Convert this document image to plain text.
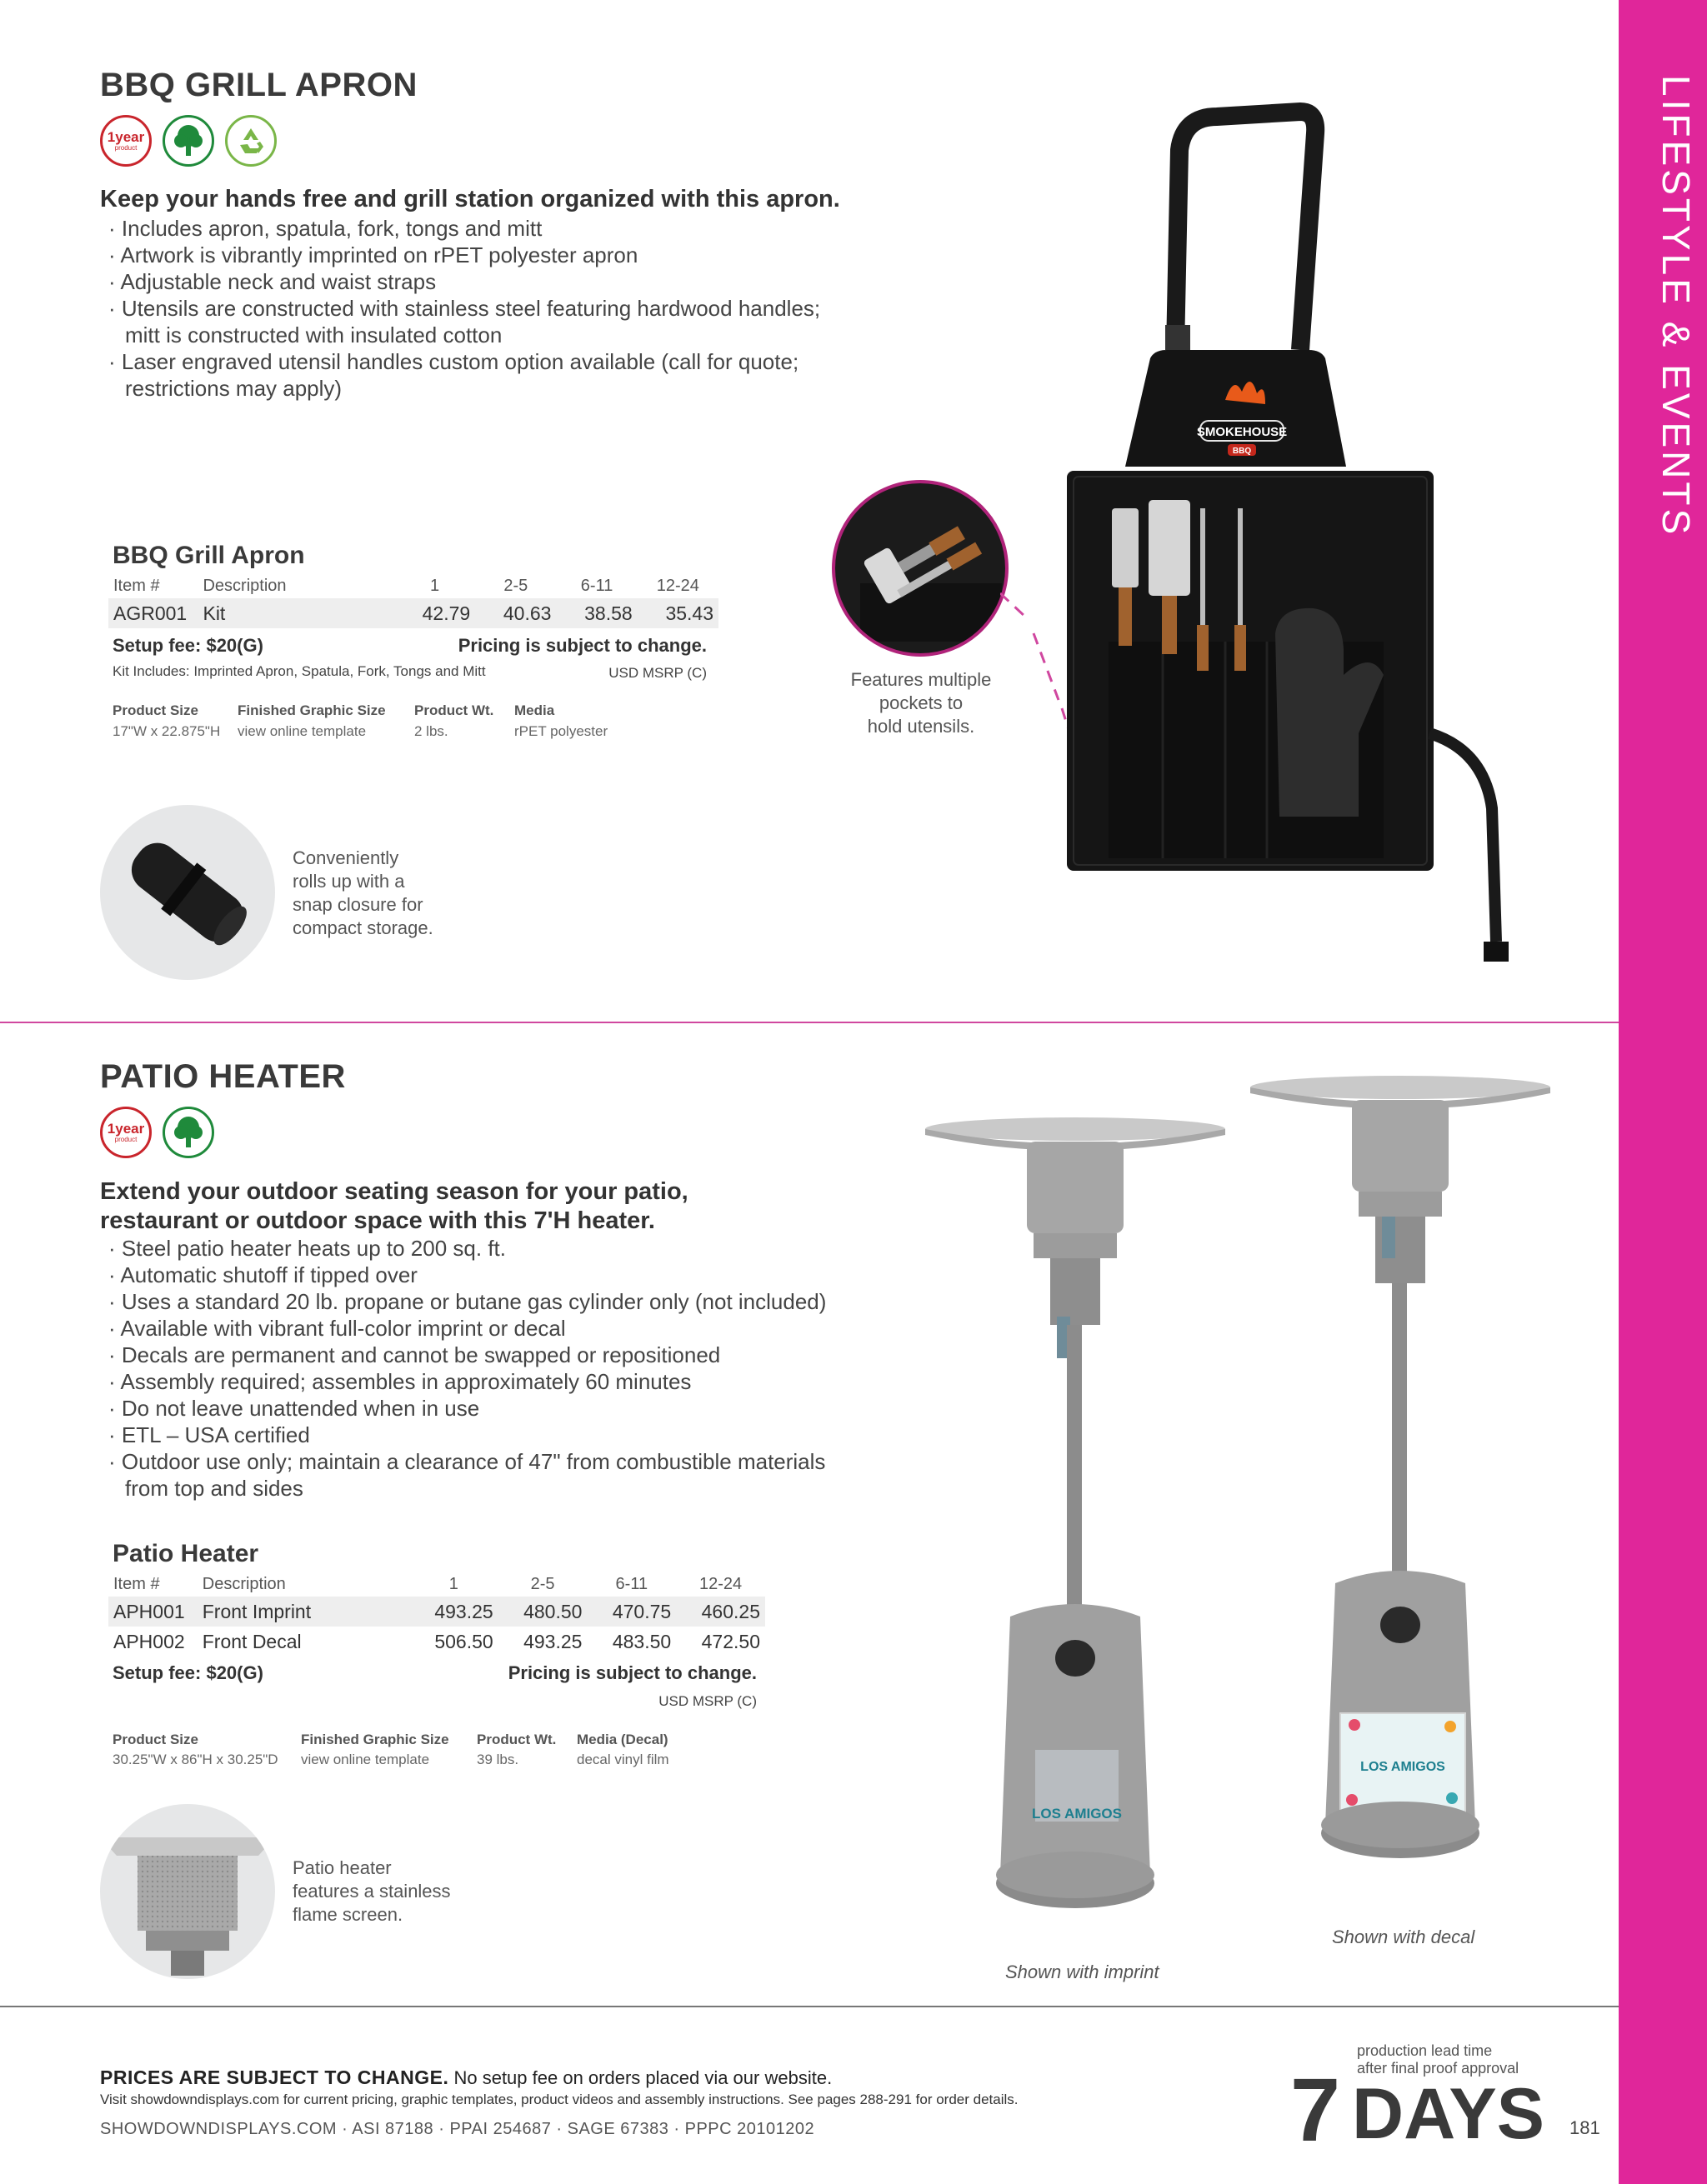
LIFESTYLE & EVENTS
BBQ GRILL APRON
1year
product
Keep your hands free and grill station organized with this apron.
· Includes apron, spatula, fork, tongs and mitt
· Artwork is vibrantly imprinted on rPET polyester apron
· Adjustable neck and waist straps
· Utensils are constructed with stainless steel featuring hardwood handles; mitt is constructed with insulated cotton
· Laser engraved utensil handles custom option available (call for quote; restrictions may apply)
BBQ Grill Apron
Item #	Description	1	2-5	6-11	12-24
AGR001	Kit	42.79	40.63	38.58	35.43
Setup fee: $20(G)	Pricing is subject to change.
Kit Includes: Imprinted Apron, Spatula, Fork, Tongs and Mitt	USD MSRP (C)
Product Size
17"W x 22.875"H
Finished Graphic Size
view online template
Product Wt.
2 lbs.
Media
rPET polyester
Conveniently
rolls up with a
snap closure for
compact storage.
Features multiple
pockets to
hold utensils.
SMOKEHOUSE
BBQ
PATIO HEATER
1year
product
Extend your outdoor seating season for your patio,
restaurant or outdoor space with this 7'H heater.
· Steel patio heater heats up to 200 sq. ft.
· Automatic shutoff if tipped over
· Uses a standard 20 lb. propane or butane gas cylinder only (not included)
· Available with vibrant full-color imprint or decal
· Decals are permanent and cannot be swapped or repositioned
· Assembly required; assembles in approximately 60 minutes
· Do not leave unattended when in use
· ETL – USA certified
· Outdoor use only; maintain a clearance of 47" from combustible materials from top and sides
Patio Heater
Item #	Description	1	2-5	6-11	12-24
APH001	Front Imprint	493.25	480.50	470.75	460.25
APH002	Front Decal	506.50	493.25	483.50	472.50
Setup fee: $20(G)	Pricing is subject to change.
USD MSRP (C)
Product Size
30.25"W x 86"H x 30.25"D
Finished Graphic Size
view online template
Product Wt.
39 lbs.
Media (Decal)
decal vinyl film
Patio heater
features a stainless
flame screen.
LOS AMIGOS
Shown with imprint
LOS AMIGOS
Shown with decal
PRICES ARE SUBJECT TO CHANGE. No setup fee on orders placed via our website.
Visit showdowndisplays.com for current pricing, graphic templates, product videos and assembly instructions. See pages 288-291 for order details.
SHOWDOWNDISPLAYS.COM · ASI 87188 · PPAI 254687 · SAGE 67383 · PPPC 20101202
production lead time
after final proof approval
7 DAYS 181
